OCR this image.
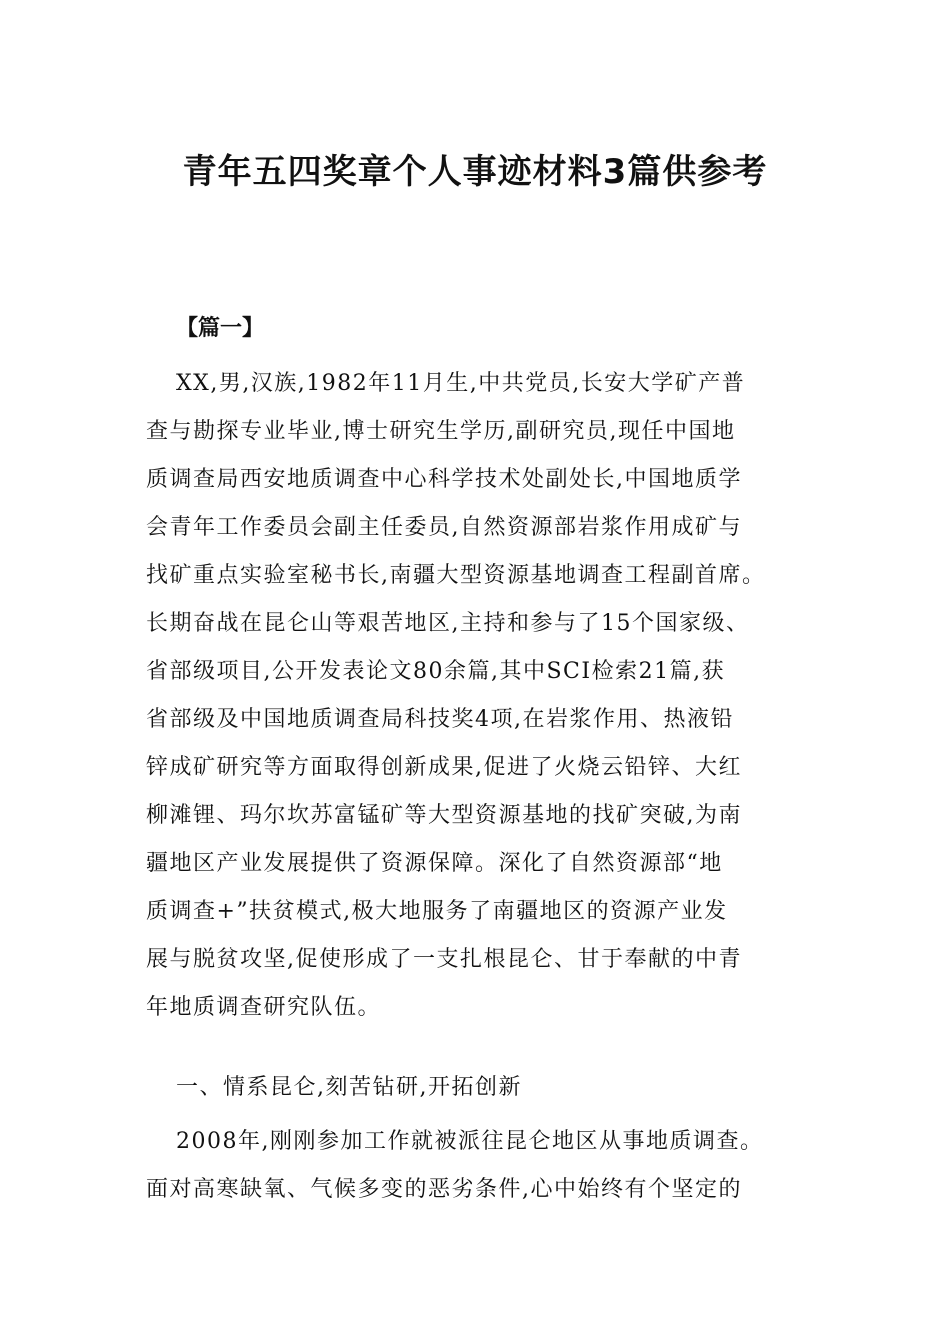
青年五四奖章个人事迹材料3篇供参考
【篇一】
XX,男,汉族,1982年11月生,中共党员,长安大学矿产普
查与勘探专业毕业,博士研究生学历,副研究员,现任中国地
质调查局西安地质调查中心科学技术处副处长,中国地质学
会青年工作委员会副主任委员,自然资源部岩浆作用成矿与
找矿重点实验室秘书长,南疆大型资源基地调查工程副首席。
长期奋战在昆仑山等艰苦地区,主持和参与了15个国家级、
省部级项目,公开发表论文80余篇,其中SCI检索21篇,获
省部级及中国地质调查局科技奖4项,在岩浆作用、热液铅
锌成矿研究等方面取得创新成果,促进了火烧云铅锌、大红
柳滩锂、玛尔坎苏富锰矿等大型资源基地的找矿突破,为南
疆地区产业发展提供了资源保障。深化了自然资源部“地
质调查+”扶贫模式,极大地服务了南疆地区的资源产业发
展与脱贫攻坚,促使形成了一支扎根昆仑、甘于奉献的中青
年地质调查研究队伍。
一、情系昆仑,刻苦钻研,开拓创新
2008年,刚刚参加工作就被派往昆仑地区从事地质调查。
面对高寒缺氧、气候多变的恶劣条件,心中始终有个坚定的
